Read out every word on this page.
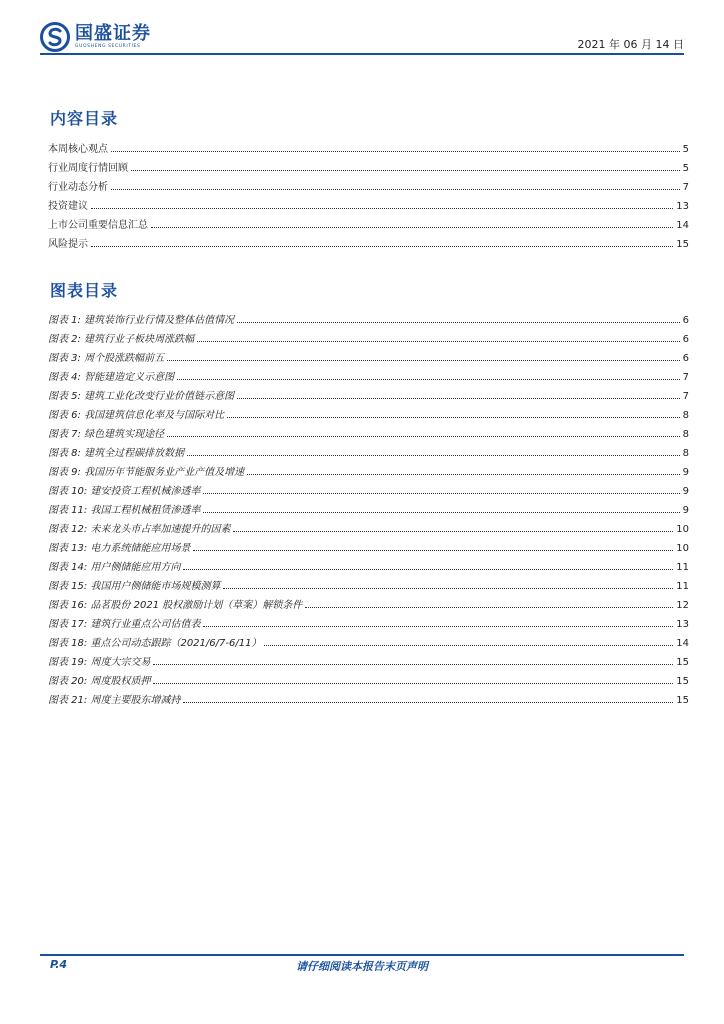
国盛证券
GUOSHENG SECURITIES	2021 年 06 月 14 日
内容目录
本周核心观点	5
行业周度行情回顾	5
行业动态分析	7
投资建议	13
上市公司重要信息汇总	14
风险提示	15
图表目录
图表 1: 建筑装饰行业行情及整体估值情况	6
图表 2: 建筑行业子板块周涨跌幅	6
图表 3: 周个股涨跌幅前五	6
图表 4: 智能建造定义示意图	7
图表 5: 建筑工业化改变行业价值链示意图	7
图表 6: 我国建筑信息化率及与国际对比	8
图表 7: 绿色建筑实现途径	8
图表 8: 建筑全过程碳排放数据	8
图表 9: 我国历年节能服务业产业产值及增速	9
图表 10: 建安投资工程机械渗透率	9
图表 11: 我国工程机械租赁渗透率	9
图表 12: 未来龙头市占率加速提升的因素	10
图表 13: 电力系统储能应用场景	10
图表 14: 用户侧储能应用方向	11
图表 15: 我国用户侧储能市场规模测算	11
图表 16: 品茗股份 2021 股权激励计划（草案）解锁条件	12
图表 17: 建筑行业重点公司估值表	13
图表 18: 重点公司动态跟踪（2021/6/7-6/11）	14
图表 19: 周度大宗交易	15
图表 20: 周度股权质押	15
图表 21: 周度主要股东增减持	15
P.4	请仔细阅读本报告末页声明
